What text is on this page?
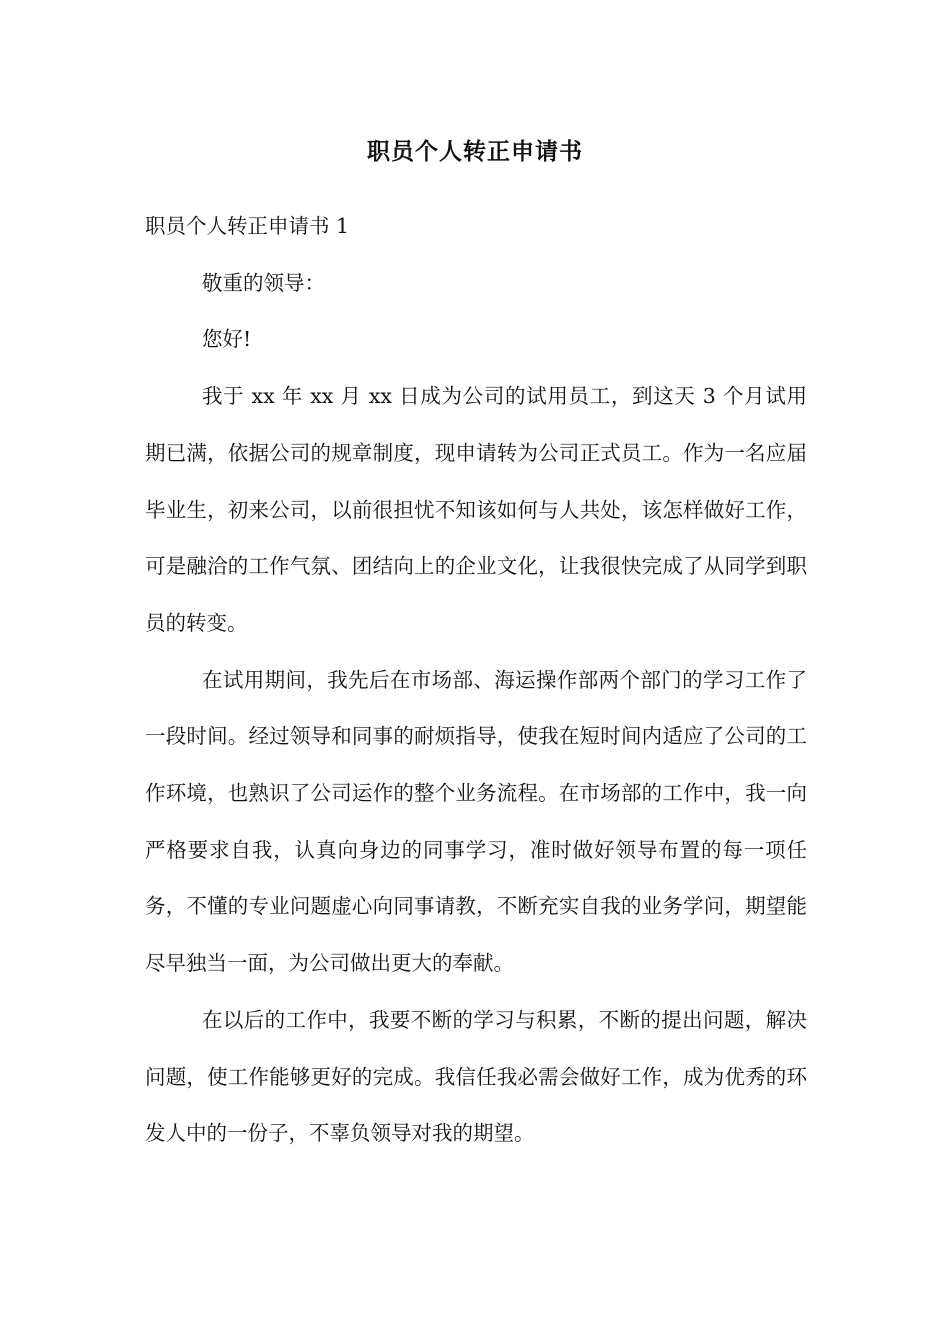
职员个人转正申请书

职员个人转正申请书 1

敬重的领导：

您好!

我于 xx 年 xx 月 xx 日成为公司的试用员工，到这天 3 个月试用期已满，依据公司的规章制度，现申请转为公司正式员工。作为一名应届毕业生，初来公司，以前很担忧不知该如何与人共处，该怎样做好工作，可是融洽的工作气氛、团结向上的企业文化，让我很快完成了从同学到职员的转变。

在试用期间，我先后在市场部、海运操作部两个部门的学习工作了一段时间。经过领导和同事的耐烦指导，使我在短时间内适应了公司的工作环境，也熟识了公司运作的整个业务流程。在市场部的工作中，我一向严格要求自我，认真向身边的同事学习，准时做好领导布置的每一项任务，不懂的专业问题虚心向同事请教，不断充实自我的业务学问，期望能尽早独当一面，为公司做出更大的奉献。

在以后的工作中，我要不断的学习与积累，不断的提出问题，解决问题，使工作能够更好的完成。我信任我必需会做好工作，成为优秀的环发人中的一份子，不辜负领导对我的期望。
